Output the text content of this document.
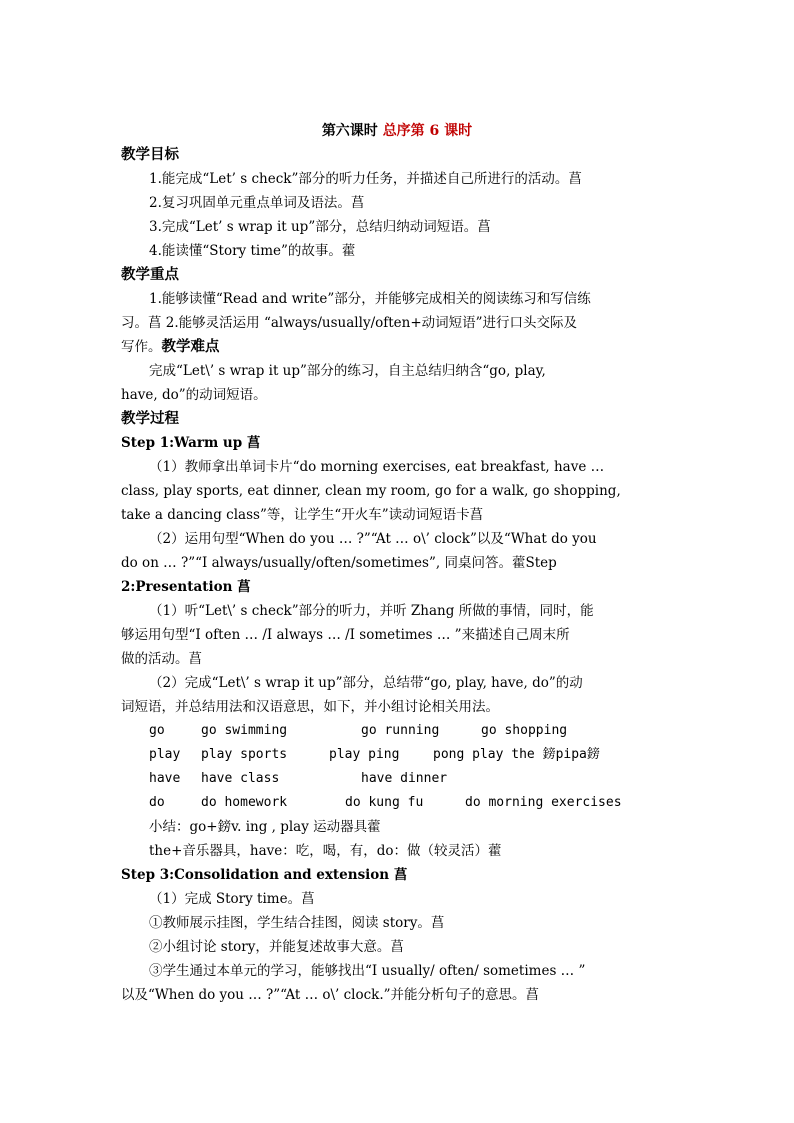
第六课时 总序第 6 课时

教学目标

1.能完成“Let’ s check”部分的听力任务，并描述自己所进行的活动。菖

2.复习巩固单元重点单词及语法。菖

3.完成“Let’ s wrap it up”部分，总结归纳动词短语。菖

4.能读懂“Story time”的故事。藿

教学重点

1.能够读懂“Read and write”部分，并能够完成相关的阅读练习和写信练

习。菖 2.能够灵活运用 “always/usually/often+动词短语”进行口头交际及

写作。教学难点

完成“Let\’ s wrap it up”部分的练习，自主总结归纳含“go, play,

have, do”的动词短语。

教学过程

Step 1:Warm up 菖

（1）教师拿出单词卡片“do morning exercises, eat breakfast, have …

class, play sports, eat dinner, clean my room, go for a walk, go shopping,

take a dancing class”等，让学生“开火车”读动词短语卡菖

（2）运用句型“When do you … ?”“At … o\’ clock”以及“What do you

do on … ?”“I always/usually/often/sometimes”, 同桌问答。藿Step

2:Presentation 菖

（1）听“Let\’ s check”部分的听力，并听 Zhang 所做的事情，同时，能

够运用句型“I often … /I always … /I sometimes … ”来描述自己周末所

做的活动。菖

（2）完成“Let\’ s wrap it up”部分，总结带“go, play, have, do”的动

词短语，并总结用法和汉语意思，如下，并小组讨论相关用法。

go	go swimming	go running	go shopping
play	play sports	play ping	pong play the 鎊pipa鎊
have	have class	have dinner
do	do homework	do kung fu	do morning exercises

小结：go+鎊v. ing , play 运动器具藿

the+音乐器具，have：吃，喝，有，do：做（较灵活）藿

Step 3:Consolidation and extension 菖

（1）完成 Story time。菖

①教师展示挂图，学生结合挂图，阅读 story。菖

②小组讨论 story，并能复述故事大意。菖

③学生通过本单元的学习，能够找出“I usually/ often/ sometimes … ”

以及“When do you … ?”“At … o\’ clock.”并能分析句子的意思。菖
